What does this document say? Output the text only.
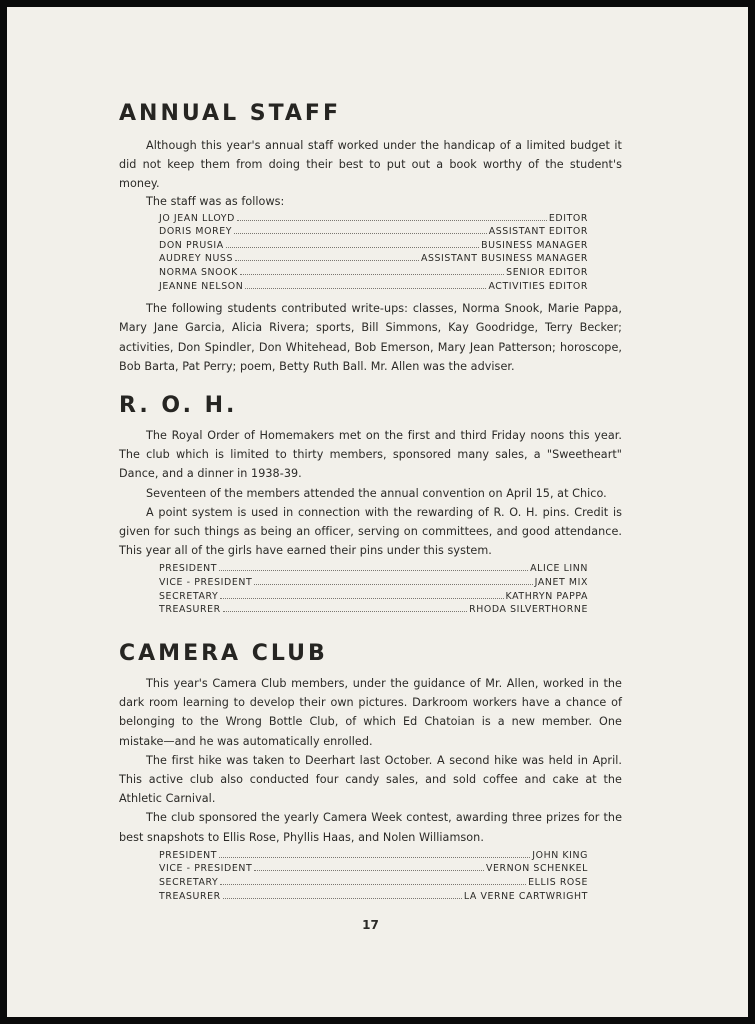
ANNUAL STAFF

Although this year's annual staff worked under the handicap of a limited budget it did not keep them from doing their best to put out a book worthy of the student's money.

The staff was as follows:

JO JEAN LLOYD	EDITOR
DORIS MOREY	ASSISTANT EDITOR
DON PRUSIA	BUSINESS MANAGER
AUDREY NUSS	ASSISTANT BUSINESS MANAGER
NORMA SNOOK	SENIOR EDITOR
JEANNE NELSON	ACTIVITIES EDITOR

The following students contributed write-ups: classes, Norma Snook, Marie Pappa, Mary Jane Garcia, Alicia Rivera; sports, Bill Simmons, Kay Goodridge, Terry Becker; activities, Don Spindler, Don Whitehead, Bob Emerson, Mary Jean Patterson; horoscope, Bob Barta, Pat Perry; poem, Betty Ruth Ball. Mr. Allen was the adviser.

R. O. H.

The Royal Order of Homemakers met on the first and third Friday noons this year. The club which is limited to thirty members, sponsored many sales, a "Sweetheart" Dance, and a dinner in 1938-39.

Seventeen of the members attended the annual convention on April 15, at Chico.

A point system is used in connection with the rewarding of R. O. H. pins. Credit is given for such things as being an officer, serving on committees, and good attendance. This year all of the girls have earned their pins under this system.

PRESIDENT	ALICE LINN
VICE - PRESIDENT	JANET MIX
SECRETARY	KATHRYN PAPPA
TREASURER	RHODA SILVERTHORNE
CAMERA CLUB

This year's Camera Club members, under the guidance of Mr. Allen, worked in the dark room learning to develop their own pictures. Darkroom workers have a chance of belonging to the Wrong Bottle Club, of which Ed Chatoian is a new member. One mistake—and he was automatically enrolled.

The first hike was taken to Deerhart last October. A second hike was held in April. This active club also conducted four candy sales, and sold coffee and cake at the Athletic Carnival.

The club sponsored the yearly Camera Week contest, awarding three prizes for the best snapshots to Ellis Rose, Phyllis Haas, and Nolen Williamson.

PRESIDENT	JOHN KING
VICE - PRESIDENT	VERNON SCHENKEL
SECRETARY	ELLIS ROSE
TREASURER	LA VERNE CARTWRIGHT
17
